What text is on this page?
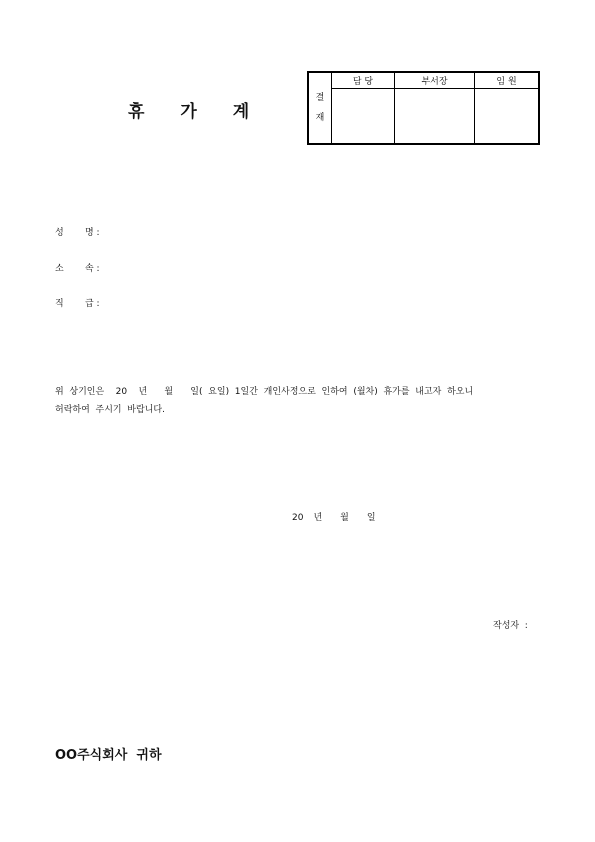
휴 가 계
결
재	담 당	부서장	임 원

성 명 :
소 속 :
직 급 :
위  상기인은    20    년      월      일(  요일)  1일간  개인사정으로  인하여  (월차)  휴가를  내고자  하오니
허락하여  주시기  바랍니다.
20 년 월 일
작성자  :
OO주식회사  귀하
